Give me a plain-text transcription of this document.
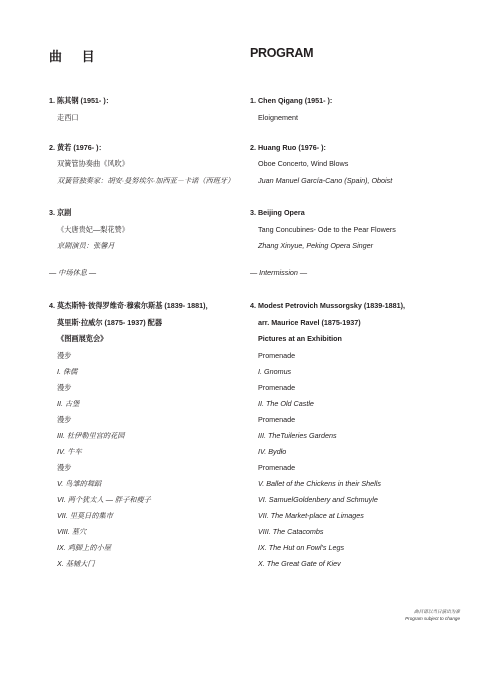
曲 目
1. 陈其钢 (1951- )：
走西口
2. 黄若 (1976- )：
双簧管协奏曲《风吹》
双簧管独奏家：胡安·曼努埃尔·加西亚－卡诺（西班牙）
3. 京剧
《大唐贵妃—梨花赞》
京剧演员：张馨月
— 中场休息 —
4. 莫杰斯特·彼得罗维奇·穆索尔斯基 (1839- 1881)，
莫里斯·拉威尔 (1875- 1937) 配器
《图画展览会》
漫步
I. 侏儒
漫步
II. 古堡
漫步
III. 杜伊勒里宫的花园
IV. 牛车
漫步
V. 鸟雏的舞蹈
VI. 两个犹太人 — 胖子和瘦子
VII. 里莫日的集市
VIII. 墓穴
IX. 鸡脚上的小屋
X. 基辅大门
PROGRAM
1. Chen Qigang (1951- ):
Eloignement
2. Huang Ruo (1976- ):
Oboe Concerto, Wind Blows
Juan Manuel García-Cano (Spain), Oboist
3. Beijing Opera
Tang Concubines- Ode to the Pear Flowers
Zhang Xinyue, Peking Opera Singer
— Intermission —
4. Modest Petrovich Mussorgsky (1839-1881),
arr. Maurice Ravel (1875-1937)
Pictures at an Exhibition
Promenade
I. Gnomus
Promenade
II. The Old Castle
Promenade
III. TheTuileries Gardens
IV. Bydło
Promenade
V. Ballet of the Chickens in their Shells
VI. SamuelGoldenbery and Schmuyle
VII. The Market-place at Limages
VIII. The Catacombs
IX. The Hut on Fowl's Legs
X. The Great Gate of Kiev
曲目请以当日演出为准
Program subject to change
